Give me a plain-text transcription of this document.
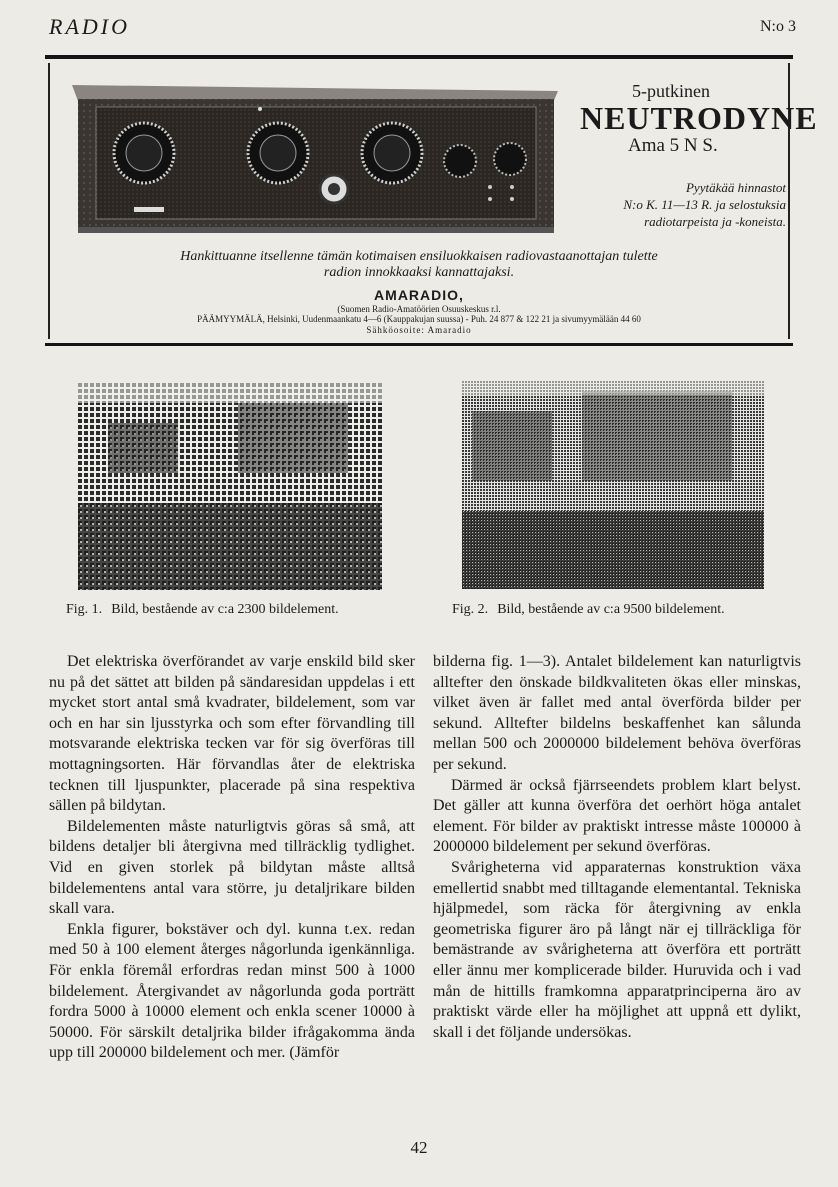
RADIO	N:o 3
5-putkinen
NEUTRODYNE
Ama 5 N S.
Pyytäkää hinnastot
N:o K. 11—13 R. ja selostuksia
radiotarpeista ja -koneista.
Hankittuanne itsellenne tämän kotimaisen ensiluokkaisen radiovastaanottajan tulette
radion innokkaaksi kannattajaksi.
AMARADIO,
(Suomen Radio-Amatöörien Osuuskeskus r.l.
PÄÄMYYMÄLÄ, Helsinki, Uudenmaankatu 4—6 (Kauppakujan suussa) - Puh. 24 877 & 122 21 ja sivumyymälään 44 60
Sähköosoite: Amaradio
Fig. 1. Bild, bestående av c:a 2300 bildelement.	Fig. 2. Bild, bestående av c:a 9500 bildelement.

Det elektriska överförandet av varje enskild bild sker nu på det sättet att bilden på sändaresidan uppdelas i ett mycket stort antal små kvadrater, bildelement, som var och en har sin ljusstyrka och som efter förvandling till motsvarande elektriska tecken var för sig överföras till mottagningsorten. Här förvandlas åter de elektriska tecknen till ljuspunkter, placerade på sina respektiva sällen på bildytan.

Bildelementen måste naturligtvis göras så små, att bildens detaljer bli återgivna med tillräcklig tydlighet. Vid en given storlek på bildytan måste alltså bildelementens antal vara större, ju detaljrikare bilden skall vara.

Enkla figurer, bokstäver och dyl. kunna t.ex. redan med 50 à 100 element återges någorlunda igenkännliga. För enkla föremål erfordras redan minst 500 à 1000 bildelement. Återgivandet av någorlunda goda porträtt fordra 5000 à 10000 element och enkla scener 10000 à 50000. För särskilt detaljrika bilder ifrågakomma ända upp till 200000 bildelement och mer. (Jämför

bilderna fig. 1—3). Antalet bildelement kan naturligtvis alltefter den önskade bildkvaliteten ökas eller minskas, vilket även är fallet med antal överförda bilder per sekund. Alltefter bildelns beskaffenhet kan sålunda mellan 500 och 2000000 bildelement behöva överföras per sekund.

Därmed är också fjärrseendets problem klart belyst. Det gäller att kunna överföra det oerhört höga antalet element. För bilder av praktiskt intresse måste 100000 à 2000000 bildelement per sekund överföras.

Svårigheterna vid apparaternas konstruktion växa emellertid snabbt med tilltagande elementantal. Tekniska hjälpmedel, som räcka för återgivning av enkla geometriska figurer äro på långt när ej tillräckliga för bemästrande av svårigheterna att överföra ett porträtt eller ännu mer komplicerade bilder. Huruvida och i vad mån de hittills framkomna apparatprinciperna äro av praktiskt värde eller ha möjlighet att uppnå ett dylikt, skall i det följande undersökas.

42
